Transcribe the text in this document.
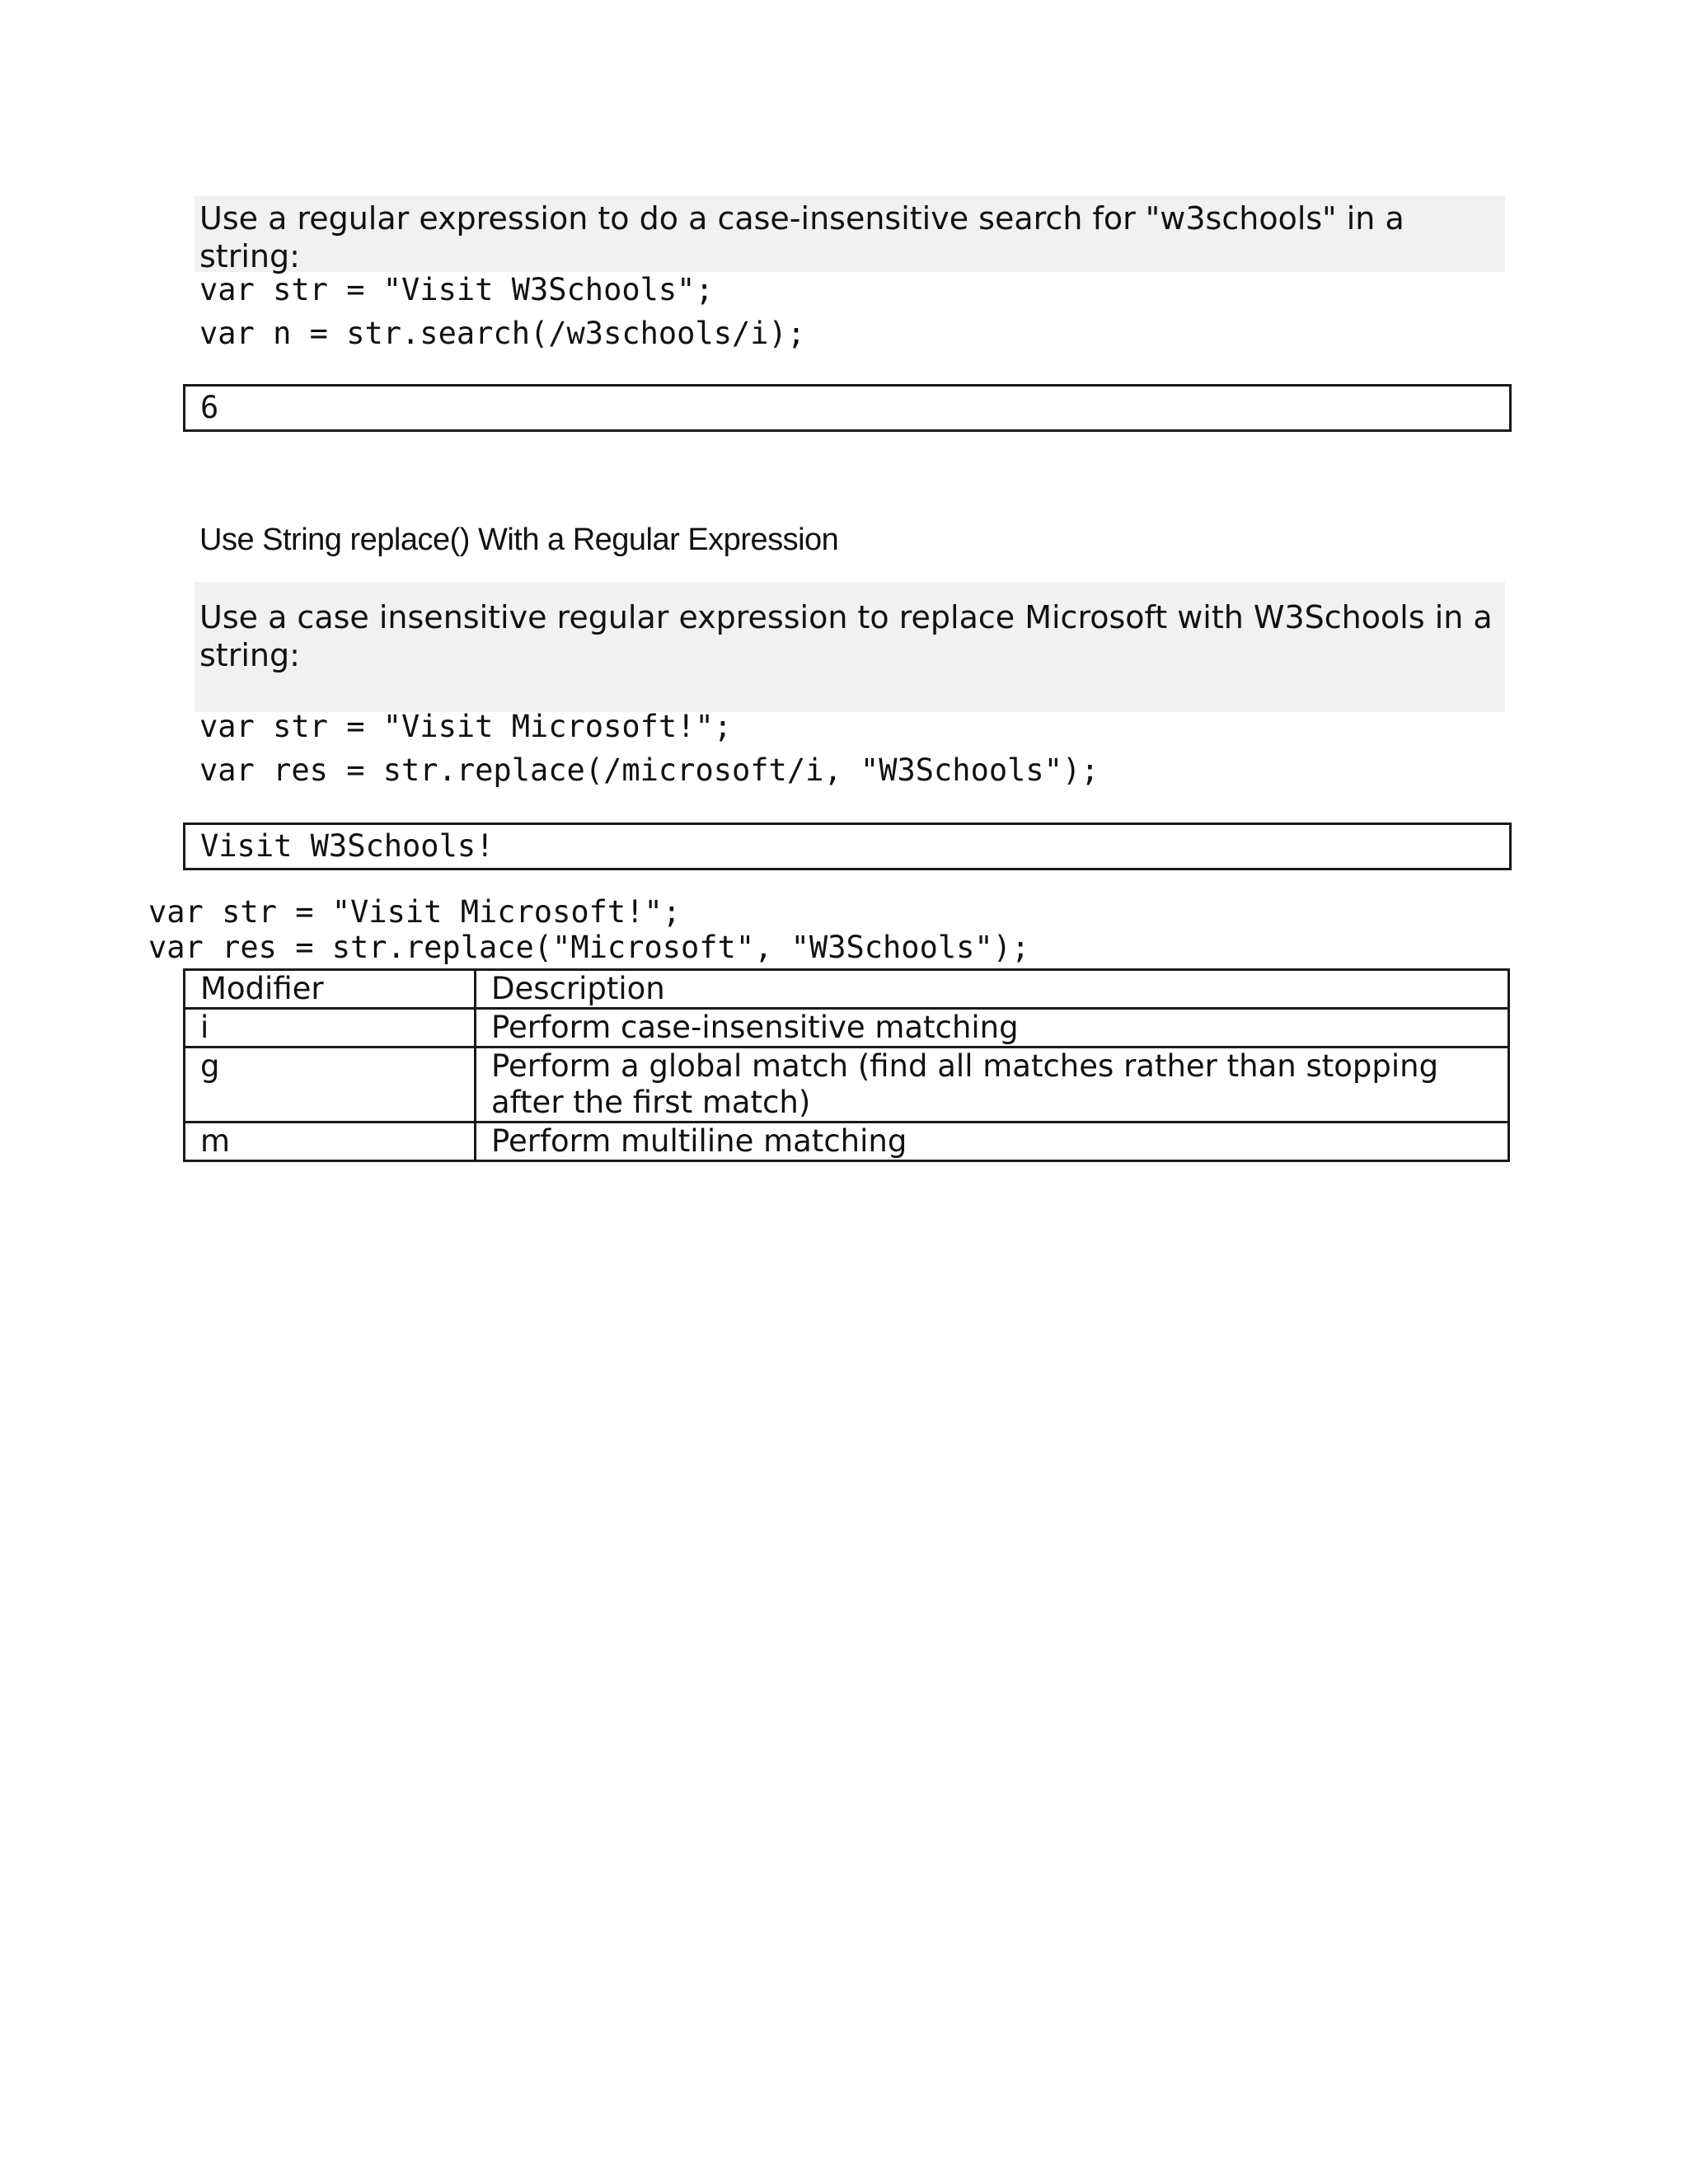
Use a regular expression to do a case-insensitive search for "w3schools" in a string:
var str = "Visit W3Schools";
var n = str.search(/w3schools/i);
6
Use String replace() With a Regular Expression
Use a case insensitive regular expression to replace Microsoft with W3Schools in a string:
var str = "Visit Microsoft!";
var res = str.replace(/microsoft/i, "W3Schools");
Visit W3Schools!
var str = "Visit Microsoft!";
var res = str.replace("Microsoft", "W3Schools");
Modifier	Description
i	Perform case-insensitive matching
g	Perform a global match (find all matches rather than stopping after the first match)
m	Perform multiline matching
